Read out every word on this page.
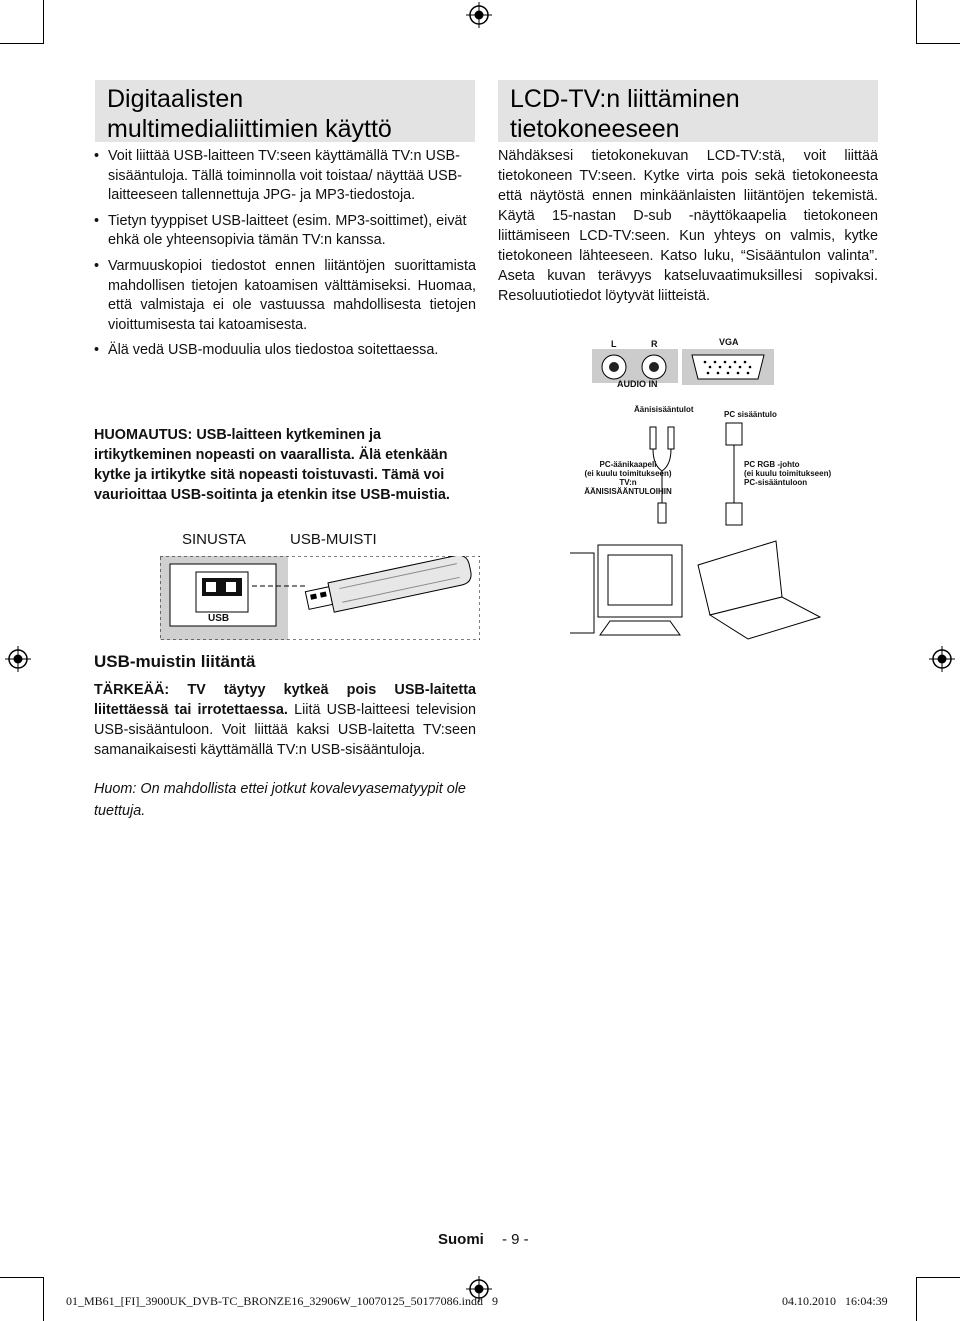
Digitaalisten
multimedialiittimien käyttö
• Voit liittää USB-laitteen TV:seen käyttämällä TV:n USB-sisääntuloja. Tällä toiminnolla voit toistaa/ näyttää USB-laitteeseen tallennettuja JPG- ja MP3-tiedostoja.
• Tietyn tyyppiset USB-laitteet (esim. MP3-soittimet), eivät ehkä ole yhteensopivia tämän TV:n kanssa.
• Varmuuskopioi tiedostot ennen liitäntöjen suorittamista mahdollisen tietojen katoamisen välttämiseksi. Huomaa, että valmistaja ei ole vastuussa mahdollisesta tietojen vioittumisesta tai katoamisesta.
• Älä vedä USB-moduulia ulos tiedostoa soitettaessa.
HUOMAUTUS: USB-laitteen kytkeminen ja irtikytkeminen nopeasti on vaarallista. Älä etenkään kytke ja irtikytke sitä nopeasti toistuvasti. Tämä voi vaurioittaa USB-soitinta ja etenkin itse USB-muistia.
SINUSTA	USB-MUISTI
USB
LCD-TV:n liittäminen
tietokoneeseen
Nähdäksesi tietokonekuvan LCD-TV:stä, voit liittää tietokoneen TV:seen. Kytke virta pois sekä tietokoneesta että näytöstä ennen minkäänlaisten liitäntöjen tekemistä. Käytä 15-nastan D-sub -näyttökaapelia tietokoneen liittämiseen LCD-TV:seen. Kun yhteys on valmis, kytke tietokoneen lähteeseen. Katso luku, “Sisääntulon valinta”. Aseta kuvan terävyys katseluvaatimuksillesi sopivaksi. Resoluutiotiedot löytyvät liitteistä.
L	R	VGA
AUDIO IN
Äänisisääntulot
PC sisääntulo
PC-äänikaapeli
(ei kuulu toimitukseen)
TV:n
ÄÄNISISÄÄNTULOIHIN
PC RGB -johto
(ei kuulu toimitukseen)
PC-sisääntuloon
USB-muistin liitäntä
TÄRKEÄÄ: TV täytyy kytkeä pois USB-laitetta liitettäessä tai irrotettaessa. Liitä USB-laitteesi television USB-sisääntuloon. Voit liittää kaksi USB-laitetta TV:seen samanaikaisesti käyttämällä TV:n USB-sisääntuloja.
Huom: On mahdollista ettei jotkut kovalevyasematyypit ole tuettuja.
Suomi - 9 -
01_MB61_[FI]_3900UK_DVB-TC_BRONZE16_32906W_10070125_50177086.indd   9	04.10.2010   16:04:39
